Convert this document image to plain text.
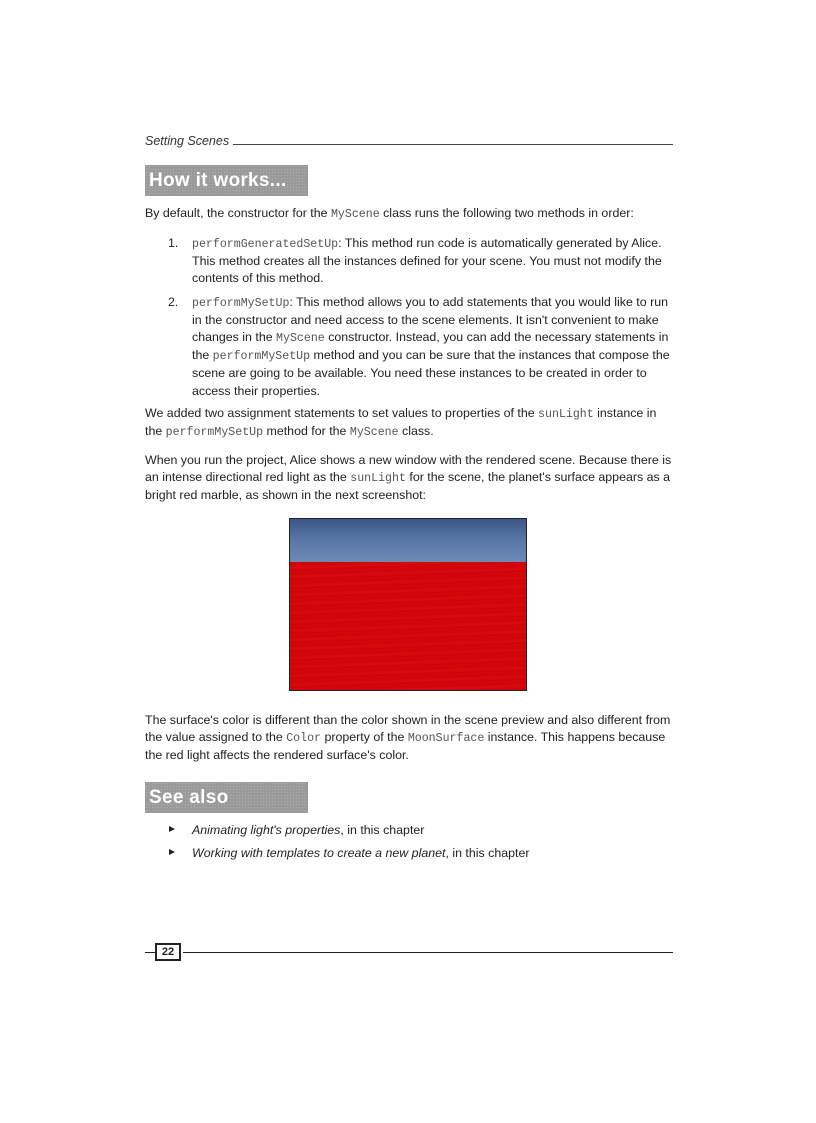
Setting Scenes
How it works...

By default, the constructor for the MyScene class runs the following two methods in order:

1. performGeneratedSetUp: This method run code is automatically generated by Alice. This method creates all the instances defined for your scene. You must not modify the contents of this method.
2. performMySetUp: This method allows you to add statements that you would like to run in the constructor and need access to the scene elements. It isn't convenient to make changes in the MyScene constructor. Instead, you can add the necessary statements in the performMySetUp method and you can be sure that the instances that compose the scene are going to be available. You need these instances to be created in order to access their properties.

We added two assignment statements to set values to properties of the sunLight instance in the performMySetUp method for the MyScene class.

When you run the project, Alice shows a new window with the rendered scene. Because there is an intense directional red light as the sunLight for the scene, the planet's surface appears as a bright red marble, as shown in the next screenshot:

The surface's color is different than the color shown in the scene preview and also different from the value assigned to the Color property of the MoonSurface instance. This happens because the red light affects the rendered surface's color.

See also
Animating light's properties, in this chapter
Working with templates to create a new planet, in this chapter
22
